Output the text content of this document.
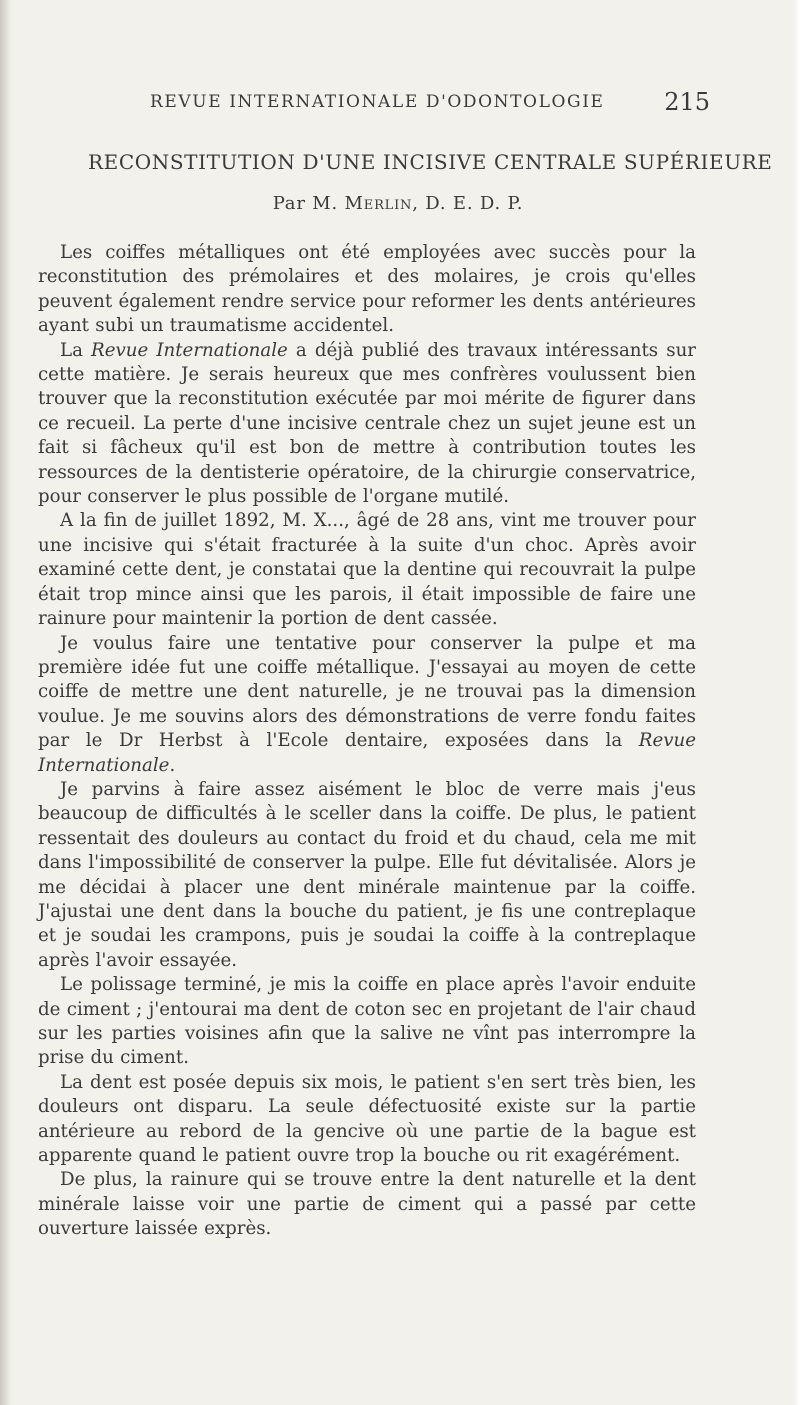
REVUE INTERNATIONALE D'ODONTOLOGIE 215
RECONSTITUTION D'UNE INCISIVE CENTRALE SUPÉRIEURE
Par M. Merlin, D. E. D. P.

Les coiffes métalliques ont été employées avec succès pour la reconstitution des prémolaires et des molaires, je crois qu'elles peuvent également rendre service pour reformer les dents antérieures ayant subi un traumatisme accidentel.

La Revue Internationale a déjà publié des travaux intéressants sur cette matière. Je serais heureux que mes confrères voulussent bien trouver que la reconstitution exécutée par moi mérite de figurer dans ce recueil. La perte d'une incisive centrale chez un sujet jeune est un fait si fâcheux qu'il est bon de mettre à contribution toutes les ressources de la dentisterie opératoire, de la chirurgie conservatrice, pour conserver le plus possible de l'organe mutilé.

A la fin de juillet 1892, M. X..., âgé de 28 ans, vint me trouver pour une incisive qui s'était fracturée à la suite d'un choc. Après avoir examiné cette dent, je constatai que la dentine qui recouvrait la pulpe était trop mince ainsi que les parois, il était impossible de faire une rainure pour maintenir la portion de dent cassée.

Je voulus faire une tentative pour conserver la pulpe et ma première idée fut une coiffe métallique. J'essayai au moyen de cette coiffe de mettre une dent naturelle, je ne trouvai pas la dimension voulue. Je me souvins alors des démonstrations de verre fondu faites par le Dr Herbst à l'Ecole dentaire, exposées dans la Revue Internationale.

Je parvins à faire assez aisément le bloc de verre mais j'eus beaucoup de difficultés à le sceller dans la coiffe. De plus, le patient ressentait des douleurs au contact du froid et du chaud, cela me mit dans l'impossibilité de conserver la pulpe. Elle fut dévitalisée. Alors je me décidai à placer une dent minérale maintenue par la coiffe. J'ajustai une dent dans la bouche du patient, je fis une contreplaque et je soudai les crampons, puis je soudai la coiffe à la contreplaque après l'avoir essayée.

Le polissage terminé, je mis la coiffe en place après l'avoir enduite de ciment ; j'entourai ma dent de coton sec en projetant de l'air chaud sur les parties voisines afin que la salive ne vînt pas interrompre la prise du ciment.

La dent est posée depuis six mois, le patient s'en sert très bien, les douleurs ont disparu. La seule défectuosité existe sur la partie antérieure au rebord de la gencive où une partie de la bague est apparente quand le patient ouvre trop la bouche ou rit exagérément.

De plus, la rainure qui se trouve entre la dent naturelle et la dent minérale laisse voir une partie de ciment qui a passé par cette ouverture laissée exprès.
